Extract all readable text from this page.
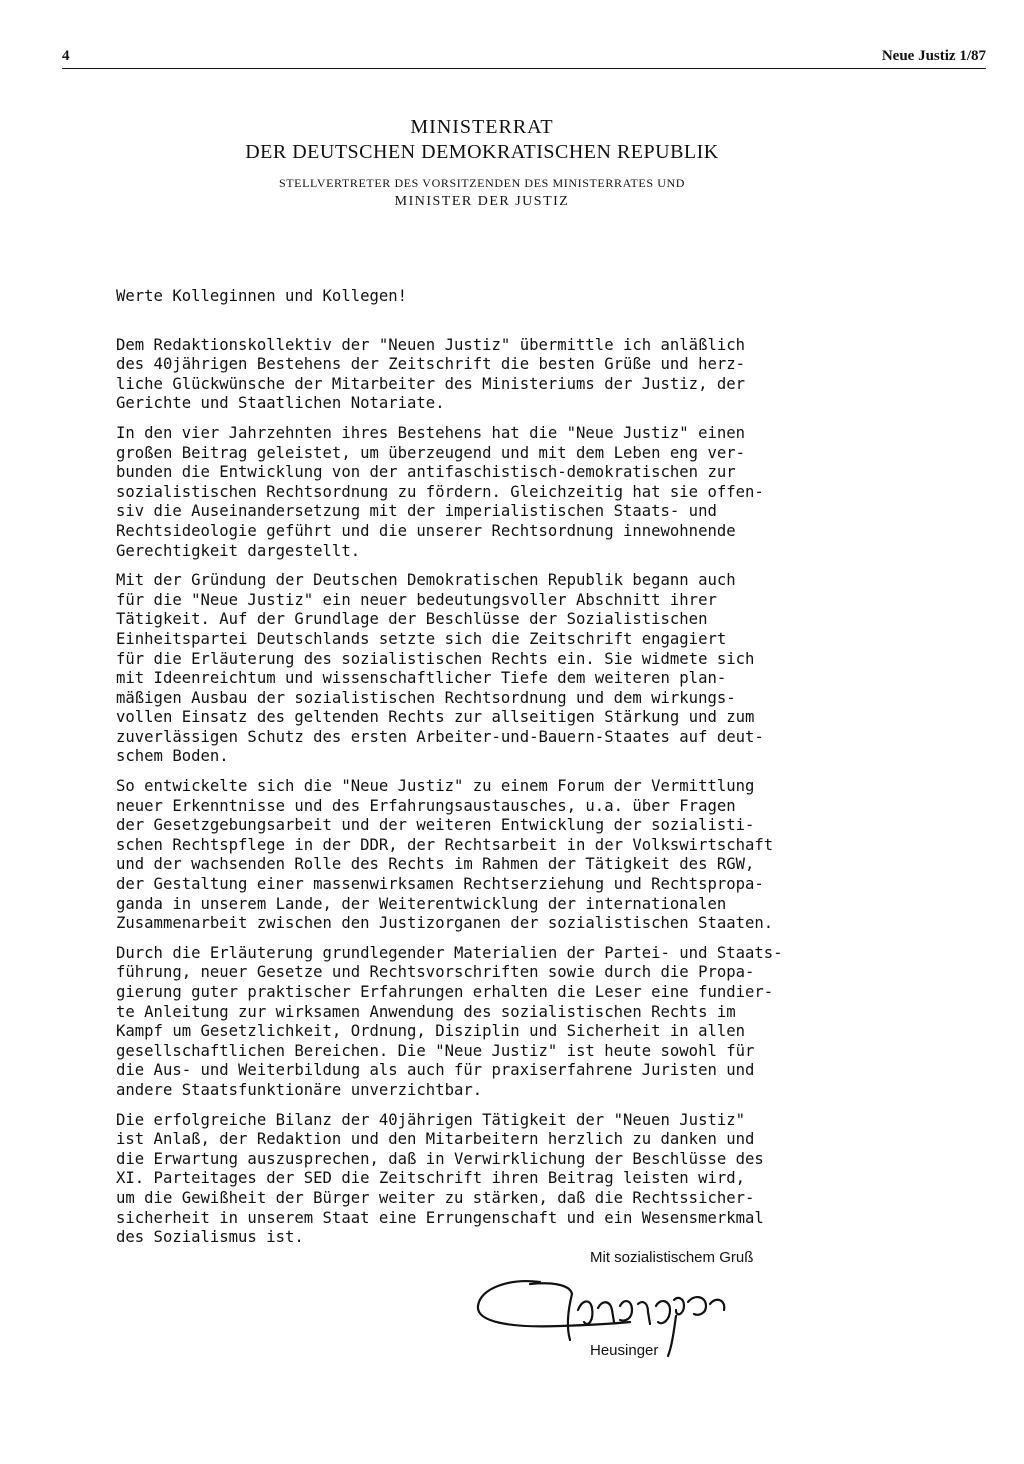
4	Neue Justiz 1/87
MINISTERRAT
DER DEUTSCHEN DEMOKRATISCHEN REPUBLIK
STELLVERTRETER DES VORSITZENDEN DES MINISTERRATES UND
MINISTER DER JUSTIZ
Werte Kolleginnen und Kollegen!
Dem Redaktionskollektiv der "Neuen Justiz" übermittle ich anläßlich
des 40jährigen Bestehens der Zeitschrift die besten Grüße und herz-
liche Glückwünsche der Mitarbeiter des Ministeriums der Justiz, der
Gerichte und Staatlichen Notariate.
In den vier Jahrzehnten ihres Bestehens hat die "Neue Justiz" einen
großen Beitrag geleistet, um überzeugend und mit dem Leben eng ver-
bunden die Entwicklung von der antifaschistisch-demokratischen zur
sozialistischen Rechtsordnung zu fördern. Gleichzeitig hat sie offen-
siv die Auseinandersetzung mit der imperialistischen Staats- und
Rechtsideologie geführt und die unserer Rechtsordnung innewohnende
Gerechtigkeit dargestellt.
Mit der Gründung der Deutschen Demokratischen Republik begann auch
für die "Neue Justiz" ein neuer bedeutungsvoller Abschnitt ihrer
Tätigkeit. Auf der Grundlage der Beschlüsse der Sozialistischen
Einheitspartei Deutschlands setzte sich die Zeitschrift engagiert
für die Erläuterung des sozialistischen Rechts ein. Sie widmete sich
mit Ideenreichtum und wissenschaftlicher Tiefe dem weiteren plan-
mäßigen Ausbau der sozialistischen Rechtsordnung und dem wirkungs-
vollen Einsatz des geltenden Rechts zur allseitigen Stärkung und zum
zuverlässigen Schutz des ersten Arbeiter-und-Bauern-Staates auf deut-
schem Boden.
So entwickelte sich die "Neue Justiz" zu einem Forum der Vermittlung
neuer Erkenntnisse und des Erfahrungsaustausches, u.a. über Fragen
der Gesetzgebungsarbeit und der weiteren Entwicklung der sozialisti-
schen Rechtspflege in der DDR, der Rechtsarbeit in der Volkswirtschaft
und der wachsenden Rolle des Rechts im Rahmen der Tätigkeit des RGW,
der Gestaltung einer massenwirksamen Rechtserziehung und Rechtspropa-
ganda in unserem Lande, der Weiterentwicklung der internationalen
Zusammenarbeit zwischen den Justizorganen der sozialistischen Staaten.
Durch die Erläuterung grundlegender Materialien der Partei- und Staats-
führung, neuer Gesetze und Rechtsvorschriften sowie durch die Propa-
gierung guter praktischer Erfahrungen erhalten die Leser eine fundier-
te Anleitung zur wirksamen Anwendung des sozialistischen Rechts im
Kampf um Gesetzlichkeit, Ordnung, Disziplin und Sicherheit in allen
gesellschaftlichen Bereichen. Die "Neue Justiz" ist heute sowohl für
die Aus- und Weiterbildung als auch für praxiserfahrene Juristen und
andere Staatsfunktionäre unverzichtbar.
Die erfolgreiche Bilanz der 40jährigen Tätigkeit der "Neuen Justiz"
ist Anlaß, der Redaktion und den Mitarbeitern herzlich zu danken und
die Erwartung auszusprechen, daß in Verwirklichung der Beschlüsse des
XI. Parteitages der SED die Zeitschrift ihren Beitrag leisten wird,
um die Gewißheit der Bürger weiter zu stärken, daß die Rechtssicher-
sicherheit in unserem Staat eine Errungenschaft und ein Wesensmerkmal
des Sozialismus ist.
Mit sozialistischem Gruß
Heusinger
